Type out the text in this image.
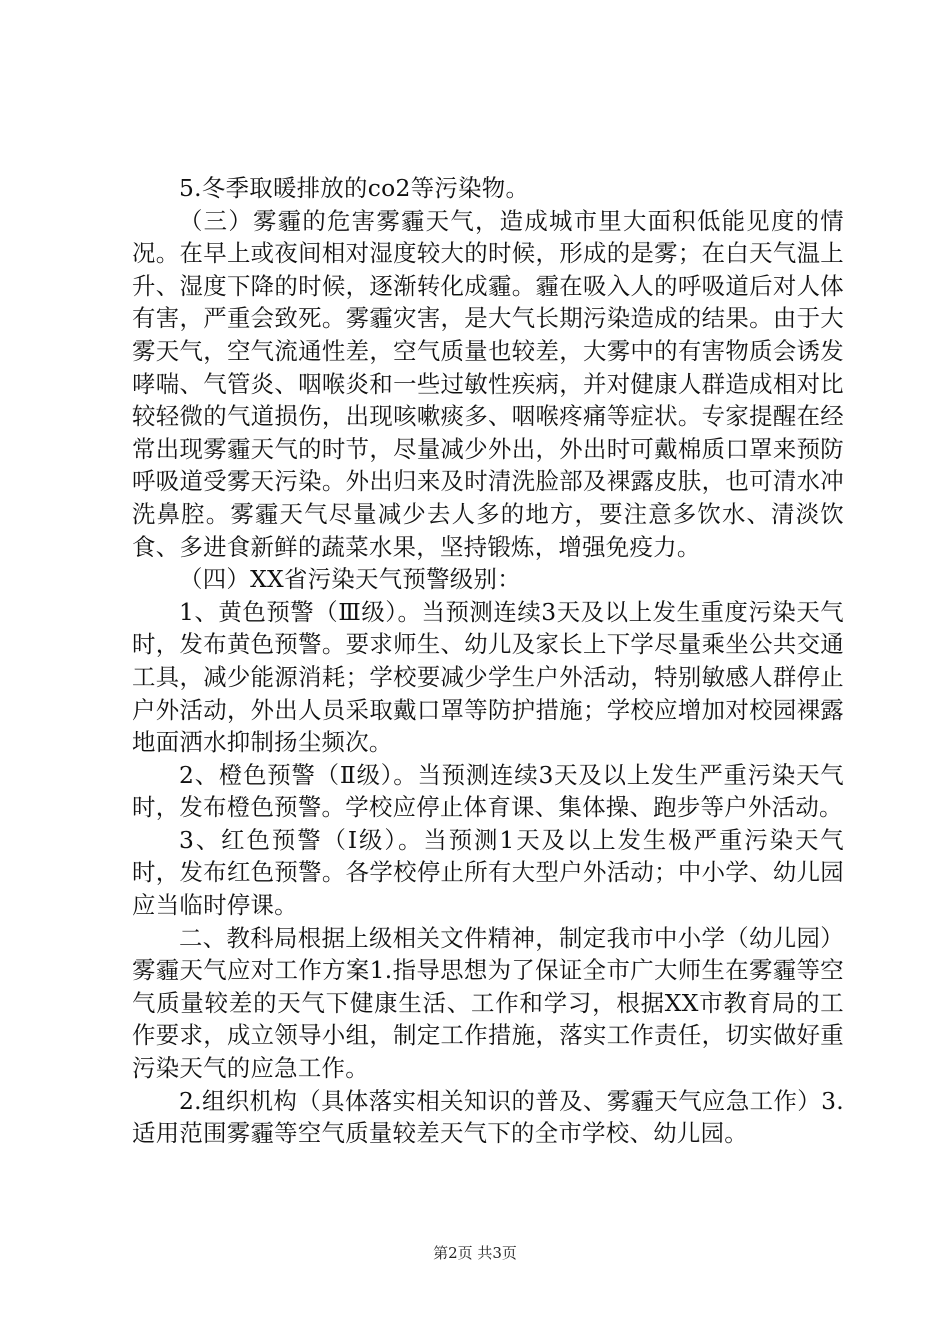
5.冬季取暖排放的co2等污染物。

（三）雾霾的危害雾霾天气，造成城市里大面积低能见度的情况。在早上或夜间相对湿度较大的时候，形成的是雾；在白天气温上升、湿度下降的时候，逐渐转化成霾。霾在吸入人的呼吸道后对人体有害，严重会致死。雾霾灾害，是大气长期污染造成的结果。由于大雾天气，空气流通性差，空气质量也较差，大雾中的有害物质会诱发哮喘、气管炎、咽喉炎和一些过敏性疾病，并对健康人群造成相对比较轻微的气道损伤，出现咳嗽痰多、咽喉疼痛等症状。专家提醒在经常出现雾霾天气的时节，尽量减少外出，外出时可戴棉质口罩来预防呼吸道受雾天污染。外出归来及时清洗脸部及裸露皮肤，也可清水冲洗鼻腔。雾霾天气尽量减少去人多的地方，要注意多饮水、清淡饮食、多进食新鲜的蔬菜水果，坚持锻炼，增强免疫力。

（四）XX省污染天气预警级别：

1、黄色预警（Ⅲ级）。当预测连续3天及以上发生重度污染天气时，发布黄色预警。要求师生、幼儿及家长上下学尽量乘坐公共交通工具，减少能源消耗；学校要减少学生户外活动，特别敏感人群停止户外活动，外出人员采取戴口罩等防护措施；学校应增加对校园裸露地面洒水抑制扬尘频次。

2、橙色预警（Ⅱ级）。当预测连续3天及以上发生严重污染天气时，发布橙色预警。学校应停止体育课、集体操、跑步等户外活动。

3、红色预警（Ⅰ级）。当预测1天及以上发生极严重污染天气时，发布红色预警。各学校停止所有大型户外活动；中小学、幼儿园应当临时停课。

二、教科局根据上级相关文件精神，制定我市中小学（幼儿园）雾霾天气应对工作方案1.指导思想为了保证全市广大师生在雾霾等空气质量较差的天气下健康生活、工作和学习，根据XX市教育局的工作要求，成立领导小组，制定工作措施，落实工作责任，切实做好重污染天气的应急工作。

2.组织机构（具体落实相关知识的普及、雾霾天气应急工作）3.适用范围雾霾等空气质量较差天气下的全市学校、幼儿园。

第2页 共3页
